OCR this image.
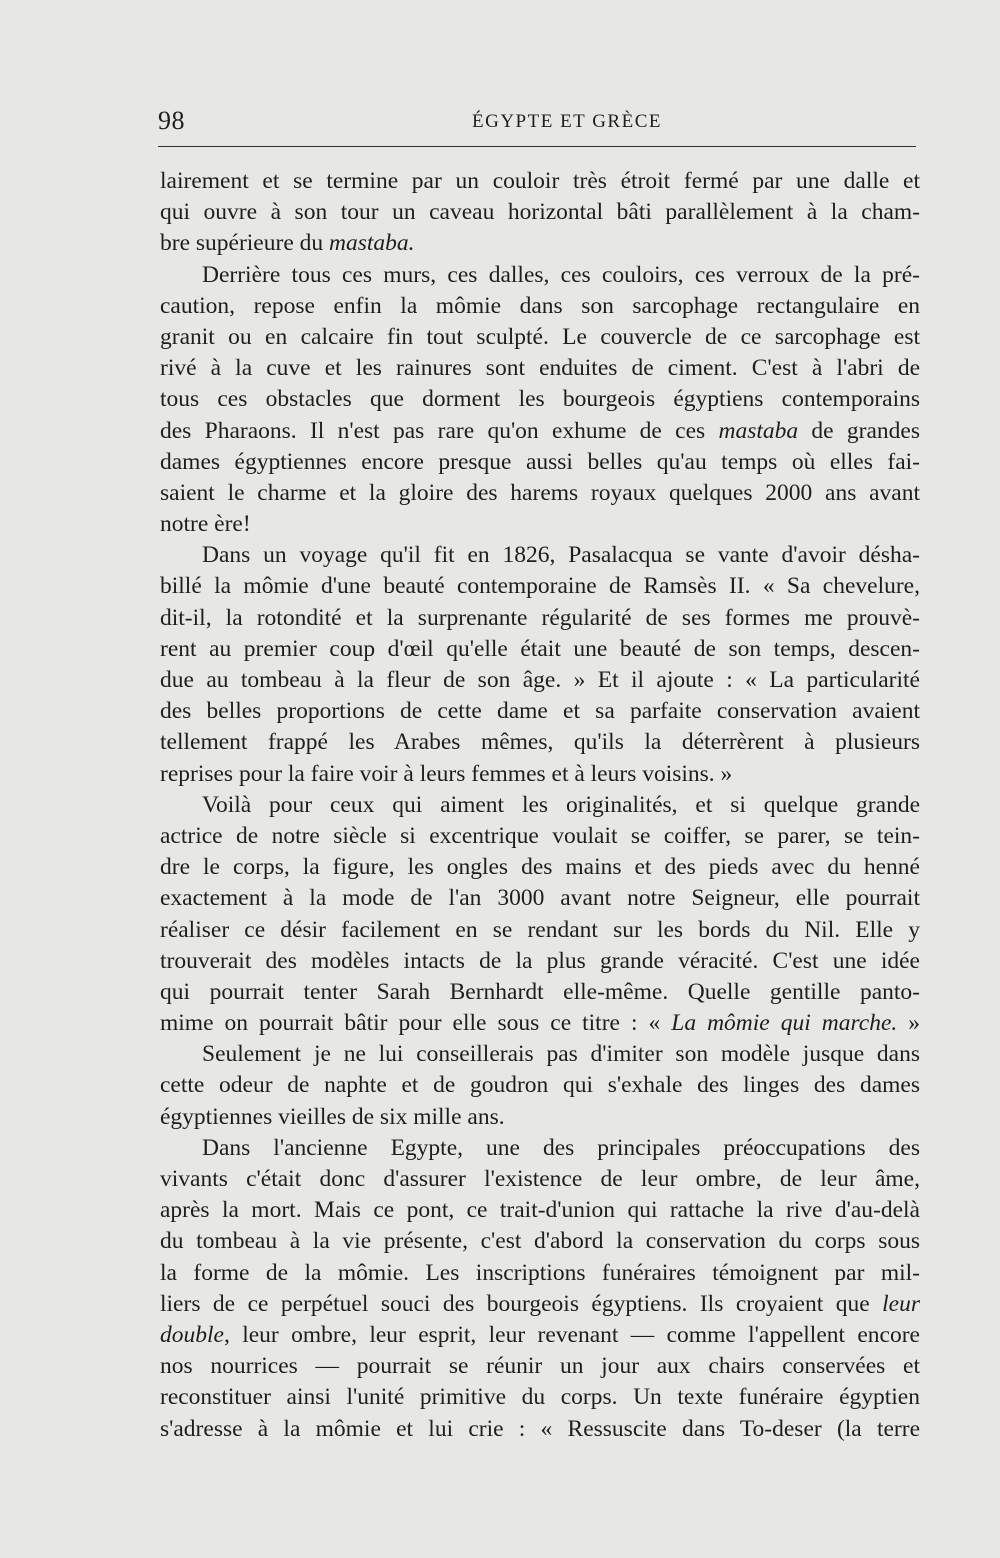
98	ÉGYPTE ET GRÈCE
lairement et se termine par un couloir très étroit fermé par une dalle et
qui ouvre à son tour un caveau horizontal bâti parallèlement à la cham-
bre supérieure du mastaba.
Derrière tous ces murs, ces dalles, ces couloirs, ces verroux de la pré-
caution, repose enfin la mômie dans son sarcophage rectangulaire en
granit ou en calcaire fin tout sculpté. Le couvercle de ce sarcophage est
rivé à la cuve et les rainures sont enduites de ciment. C'est à l'abri de
tous ces obstacles que dorment les bourgeois égyptiens contemporains
des Pharaons. Il n'est pas rare qu'on exhume de ces mastaba de grandes
dames égyptiennes encore presque aussi belles qu'au temps où elles fai-
saient le charme et la gloire des harems royaux quelques 2000 ans avant
notre ère!
Dans un voyage qu'il fit en 1826, Pasalacqua se vante d'avoir désha-
billé la mômie d'une beauté contemporaine de Ramsès II. « Sa chevelure,
dit-il, la rotondité et la surprenante régularité de ses formes me prouvè-
rent au premier coup d'œil qu'elle était une beauté de son temps, descen-
due au tombeau à la fleur de son âge. » Et il ajoute : « La particularité
des belles proportions de cette dame et sa parfaite conservation avaient
tellement frappé les Arabes mêmes, qu'ils la déterrèrent à plusieurs
reprises pour la faire voir à leurs femmes et à leurs voisins. »
Voilà pour ceux qui aiment les originalités, et si quelque grande
actrice de notre siècle si excentrique voulait se coiffer, se parer, se tein-
dre le corps, la figure, les ongles des mains et des pieds avec du henné
exactement à la mode de l'an 3000 avant notre Seigneur, elle pourrait
réaliser ce désir facilement en se rendant sur les bords du Nil. Elle y
trouverait des modèles intacts de la plus grande véracité. C'est une idée
qui pourrait tenter Sarah Bernhardt elle-même. Quelle gentille panto-
mime on pourrait bâtir pour elle sous ce titre : « La mômie qui marche. »
Seulement je ne lui conseillerais pas d'imiter son modèle jusque dans
cette odeur de naphte et de goudron qui s'exhale des linges des dames
égyptiennes vieilles de six mille ans.
Dans l'ancienne Egypte, une des principales préoccupations des
vivants c'était donc d'assurer l'existence de leur ombre, de leur âme,
après la mort. Mais ce pont, ce trait-d'union qui rattache la rive d'au-delà
du tombeau à la vie présente, c'est d'abord la conservation du corps sous
la forme de la mômie. Les inscriptions funéraires témoignent par mil-
liers de ce perpétuel souci des bourgeois égyptiens. Ils croyaient que leur
double, leur ombre, leur esprit, leur revenant — comme l'appellent encore
nos nourrices — pourrait se réunir un jour aux chairs conservées et
reconstituer ainsi l'unité primitive du corps. Un texte funéraire égyptien
s'adresse à la mômie et lui crie : « Ressuscite dans To-deser (la terre
